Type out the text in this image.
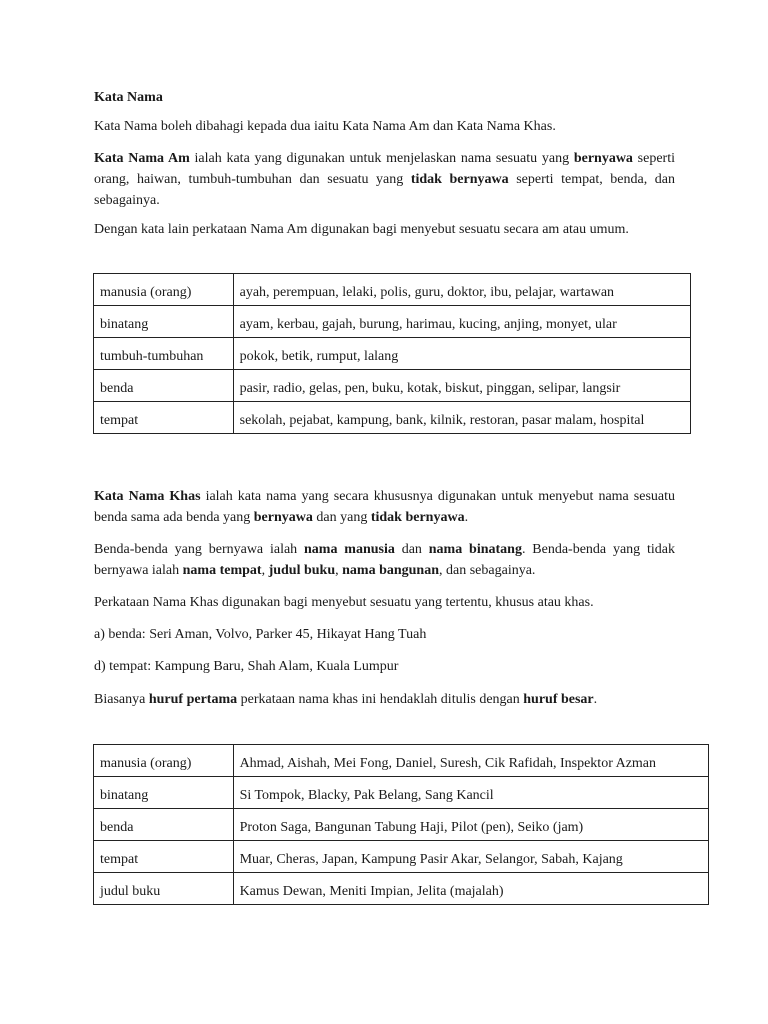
Kata Nama

Kata Nama boleh dibahagi kepada dua iaitu Kata Nama Am dan Kata Nama Khas.

Kata Nama Am ialah kata yang digunakan untuk menjelaskan nama sesuatu yang bernyawa seperti orang, haiwan, tumbuh-tumbuhan dan sesuatu yang tidak bernyawa seperti tempat, benda, dan sebagainya.

Dengan kata lain perkataan Nama Am digunakan bagi menyebut sesuatu secara am atau umum.

manusia (orang)	ayah, perempuan, lelaki, polis, guru, doktor, ibu, pelajar, wartawan
binatang	ayam, kerbau, gajah, burung, harimau, kucing, anjing, monyet, ular
tumbuh-tumbuhan	pokok, betik, rumput, lalang
benda	pasir, radio, gelas, pen, buku, kotak, biskut, pinggan, selipar, langsir
tempat	sekolah, pejabat, kampung, bank, kilnik, restoran, pasar malam, hospital

Kata Nama Khas ialah kata nama yang secara khususnya digunakan untuk menyebut nama sesuatu benda sama ada benda yang bernyawa dan yang tidak bernyawa.

Benda-benda yang bernyawa ialah nama manusia dan nama binatang. Benda-benda yang tidak bernyawa ialah nama tempat, judul buku, nama bangunan, dan sebagainya.

Perkataan Nama Khas digunakan bagi menyebut sesuatu yang tertentu, khusus atau khas.

a) benda: Seri Aman, Volvo, Parker 45, Hikayat Hang Tuah

d) tempat: Kampung Baru, Shah Alam, Kuala Lumpur

Biasanya huruf pertama perkataan nama khas ini hendaklah ditulis dengan huruf besar.

manusia (orang)	Ahmad, Aishah, Mei Fong, Daniel, Suresh, Cik Rafidah, Inspektor Azman
binatang	Si Tompok, Blacky, Pak Belang, Sang Kancil
benda	Proton Saga, Bangunan Tabung Haji, Pilot (pen), Seiko (jam)
tempat	Muar, Cheras, Japan, Kampung Pasir Akar, Selangor, Sabah, Kajang
judul buku	Kamus Dewan, Meniti Impian, Jelita (majalah)
